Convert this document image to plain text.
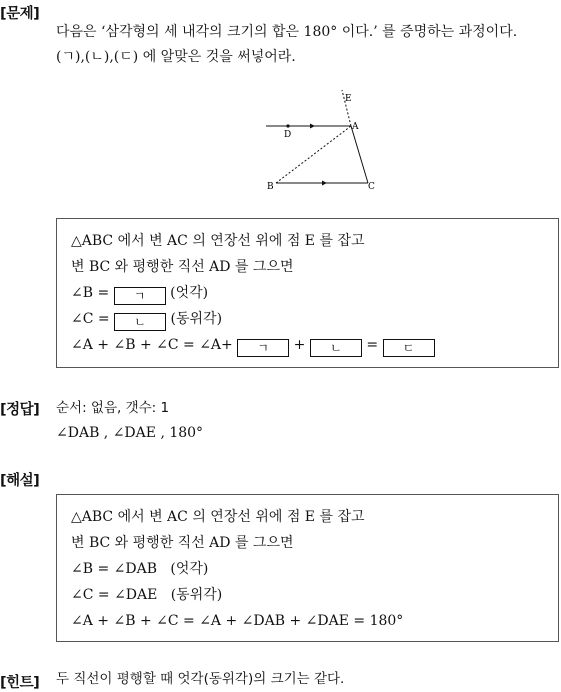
[문제]
다음은 ‘삼각형의 세 내각의 크기의 합은 180° 이다.’ 를 증명하는 과정이다.
(ㄱ),(ㄴ),(ㄷ) 에 알맞은 것을 써넣어라.
E
D
A
B	C
△ABC 에서 변 AC 의 연장선 위에 점 E 를 잡고
변 BC 와 평행한 직선 AD 를 그으면
∠B = ㄱ (엇각)
∠C = ㄴ (동위각)
∠A + ∠B + ∠C = ∠A+ ㄱ + ㄴ = ㄷ
[정답] 순서: 없음, 갯수: 1
∠DAB , ∠DAE , 180°
[해설]
△ABC 에서 변 AC 의 연장선 위에 점 E 를 잡고
변 BC 와 평행한 직선 AD 를 그으면
∠B = ∠DAB   (엇각)
∠C = ∠DAE   (동위각)
∠A + ∠B + ∠C = ∠A + ∠DAB + ∠DAE = 180°
[힌트] 두 직선이 평행할 때 엇각(동위각)의 크기는 같다.
